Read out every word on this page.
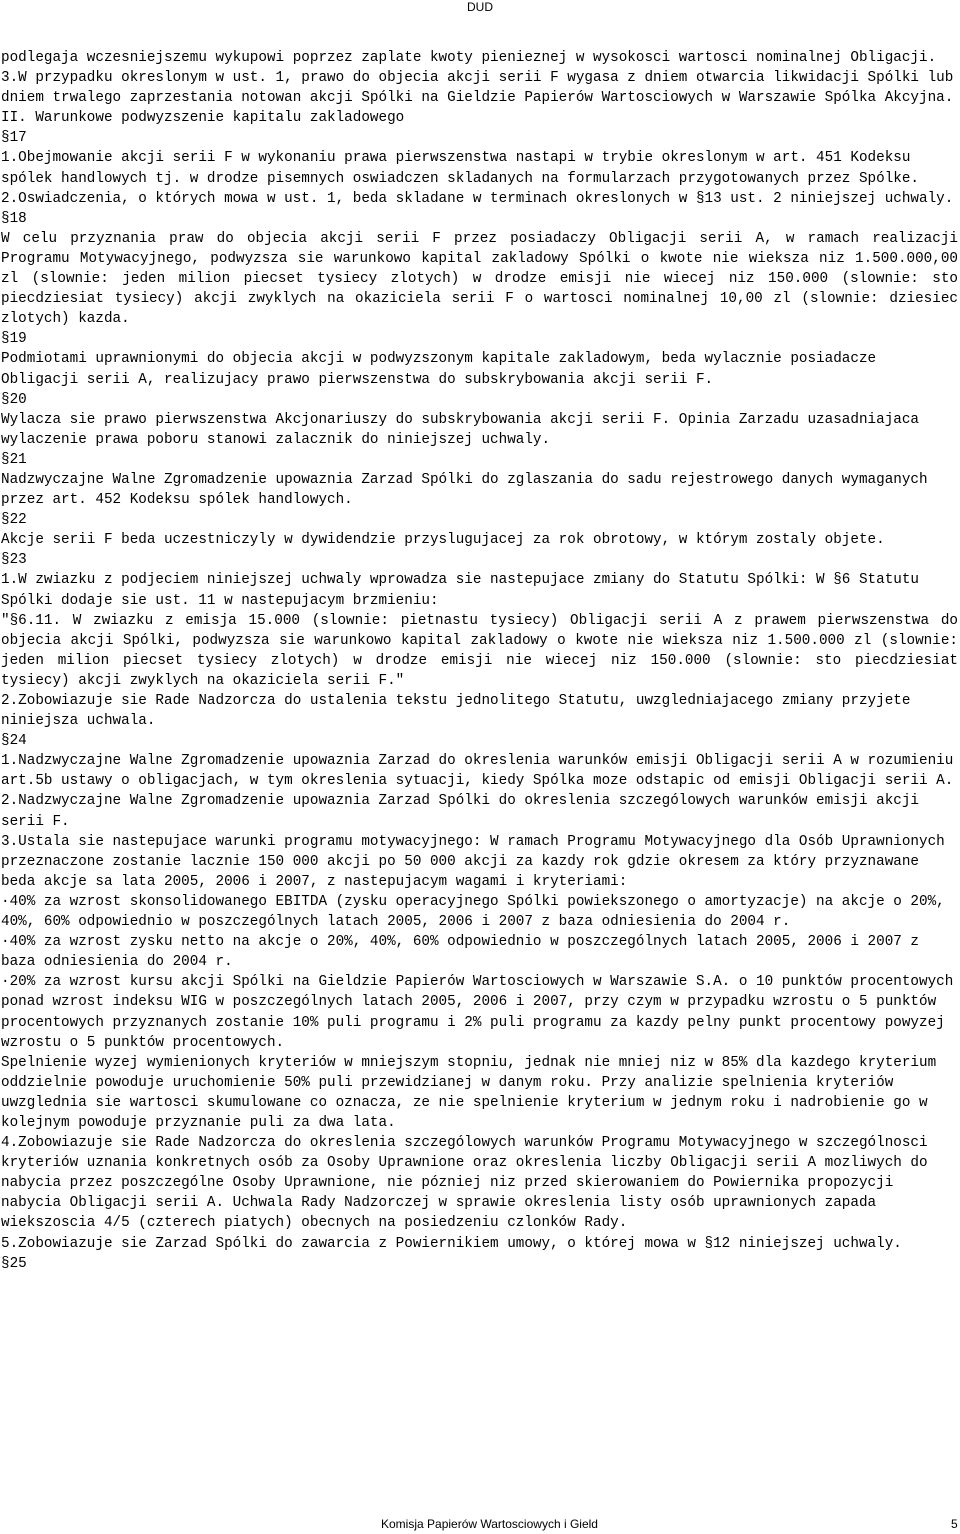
DUD

podlegaja wczesniejszemu wykupowi poprzez zaplate kwoty pienieznej w wysokosci wartosci nominalnej Obligacji.

3.W przypadku okreslonym w ust. 1, prawo do objecia akcji serii F wygasa z dniem otwarcia likwidacji Spólki lub dniem trwalego zaprzestania notowan akcji Spólki na Gieldzie Papierów Wartosciowych w Warszawie Spólka Akcyjna.

II. Warunkowe podwyzszenie kapitalu zakladowego

§17

1.Obejmowanie akcji serii F w wykonaniu prawa pierwszenstwa nastapi w trybie okreslonym w art. 451 Kodeksu spólek handlowych tj. w drodze pisemnych oswiadczen skladanych na formularzach przygotowanych przez Spólke.

2.Oswiadczenia, o których mowa w ust. 1, beda skladane w terminach okreslonych w §13 ust. 2 niniejszej uchwaly.

§18

W celu przyznania praw do objecia akcji serii F przez posiadaczy Obligacji serii A, w ramach realizacji Programu Motywacyjnego, podwyzsza sie warunkowo kapital zakladowy Spólki o kwote nie wieksza niz 1.500.000,00 zl (slownie: jeden milion piecset tysiecy zlotych) w drodze emisji nie wiecej niz 150.000 (slownie: sto piecdziesiat tysiecy) akcji zwyklych na okaziciela serii F o wartosci nominalnej 10,00 zl (slownie: dziesiec zlotych) kazda.

§19

Podmiotami uprawnionymi do objecia akcji w podwyzszonym kapitale zakladowym, beda wylacznie posiadacze Obligacji serii A, realizujacy prawo pierwszenstwa do subskrybowania akcji serii F.

§20

Wylacza sie prawo pierwszenstwa Akcjonariuszy do subskrybowania akcji serii F. Opinia Zarzadu uzasadniajaca wylaczenie prawa poboru stanowi zalacznik do niniejszej uchwaly.

§21

Nadzwyczajne Walne Zgromadzenie upowaznia Zarzad Spólki do zglaszania do sadu rejestrowego danych wymaganych przez art. 452 Kodeksu spólek handlowych.

§22

Akcje serii F beda uczestniczyly w dywidendzie przyslugujacej za rok obrotowy, w którym zostaly objete.

§23

1.W zwiazku z podjeciem niniejszej uchwaly wprowadza sie nastepujace zmiany do Statutu Spólki: W §6 Statutu Spólki dodaje sie ust. 11 w nastepujacym brzmieniu:

"§6.11. W zwiazku z emisja 15.000 (slownie: pietnastu tysiecy) Obligacji serii A z prawem pierwszenstwa do objecia akcji Spólki, podwyzsza sie warunkowo kapital zakladowy o kwote nie wieksza niz 1.500.000 zl (slownie: jeden milion piecset tysiecy zlotych) w drodze emisji nie wiecej niz 150.000 (slownie: sto piecdziesiat tysiecy) akcji zwyklych na okaziciela serii F."

2.Zobowiazuje sie Rade Nadzorcza do ustalenia tekstu jednolitego Statutu, uwzgledniajacego zmiany przyjete niniejsza uchwala.

§24

1.Nadzwyczajne Walne Zgromadzenie upowaznia Zarzad do okreslenia warunków emisji Obligacji serii A w rozumieniu art.5b ustawy o obligacjach, w tym okreslenia sytuacji, kiedy Spólka moze odstapic od emisji Obligacji serii A.

2.Nadzwyczajne Walne Zgromadzenie upowaznia Zarzad Spólki do okreslenia szczególowych warunków emisji akcji serii F.

3.Ustala sie nastepujace warunki programu motywacyjnego: W ramach Programu Motywacyjnego dla Osób Uprawnionych przeznaczone zostanie lacznie 150 000 akcji po 50 000 akcji za kazdy rok gdzie okresem za który przyznawane beda akcje sa lata 2005, 2006 i 2007, z nastepujacym wagami i kryteriami:

·40% za wzrost skonsolidowanego EBITDA (zysku operacyjnego Spólki powiekszonego o amortyzacje) na akcje o 20%, 40%, 60% odpowiednio w poszczególnych latach 2005, 2006 i 2007 z baza odniesienia do 2004 r.

·40% za wzrost zysku netto na akcje o 20%, 40%, 60% odpowiednio w poszczególnych latach 2005, 2006 i 2007 z baza odniesienia do 2004 r.

·20% za wzrost kursu akcji Spólki na Gieldzie Papierów Wartosciowych w Warszawie S.A. o 10 punktów procentowych ponad wzrost indeksu WIG w poszczególnych latach 2005, 2006 i 2007, przy czym w przypadku wzrostu o 5 punktów procentowych przyznanych zostanie 10% puli programu i 2% puli programu za kazdy pelny punkt procentowy powyzej wzrostu o 5 punktów procentowych.

Spelnienie wyzej wymienionych kryteriów w mniejszym stopniu, jednak nie mniej niz w 85% dla kazdego kryterium oddzielnie powoduje uruchomienie 50% puli przewidzianej w danym roku. Przy analizie spelnienia kryteriów uwzglednia sie wartosci skumulowane co oznacza, ze nie spelnienie kryterium w jednym roku i nadrobienie go w kolejnym powoduje przyznanie puli za dwa lata.

4.Zobowiazuje sie Rade Nadzorcza do okreslenia szczególowych warunków Programu Motywacyjnego w szczególnosci kryteriów uznania konkretnych osób za Osoby Uprawnione oraz okreslenia liczby Obligacji serii A mozliwych do nabycia przez poszczególne Osoby Uprawnione, nie pózniej niz przed skierowaniem do Powiernika propozycji nabycia Obligacji serii A. Uchwala Rady Nadzorczej w sprawie okreslenia listy osób uprawnionych zapada wiekszoscia 4/5 (czterech piatych) obecnych na posiedzeniu czlonków Rady.

5.Zobowiazuje sie Zarzad Spólki do zawarcia z Powiernikiem umowy, o której mowa w §12 niniejszej uchwaly.

§25

Komisja Papierów Wartosciowych i Gield	5
